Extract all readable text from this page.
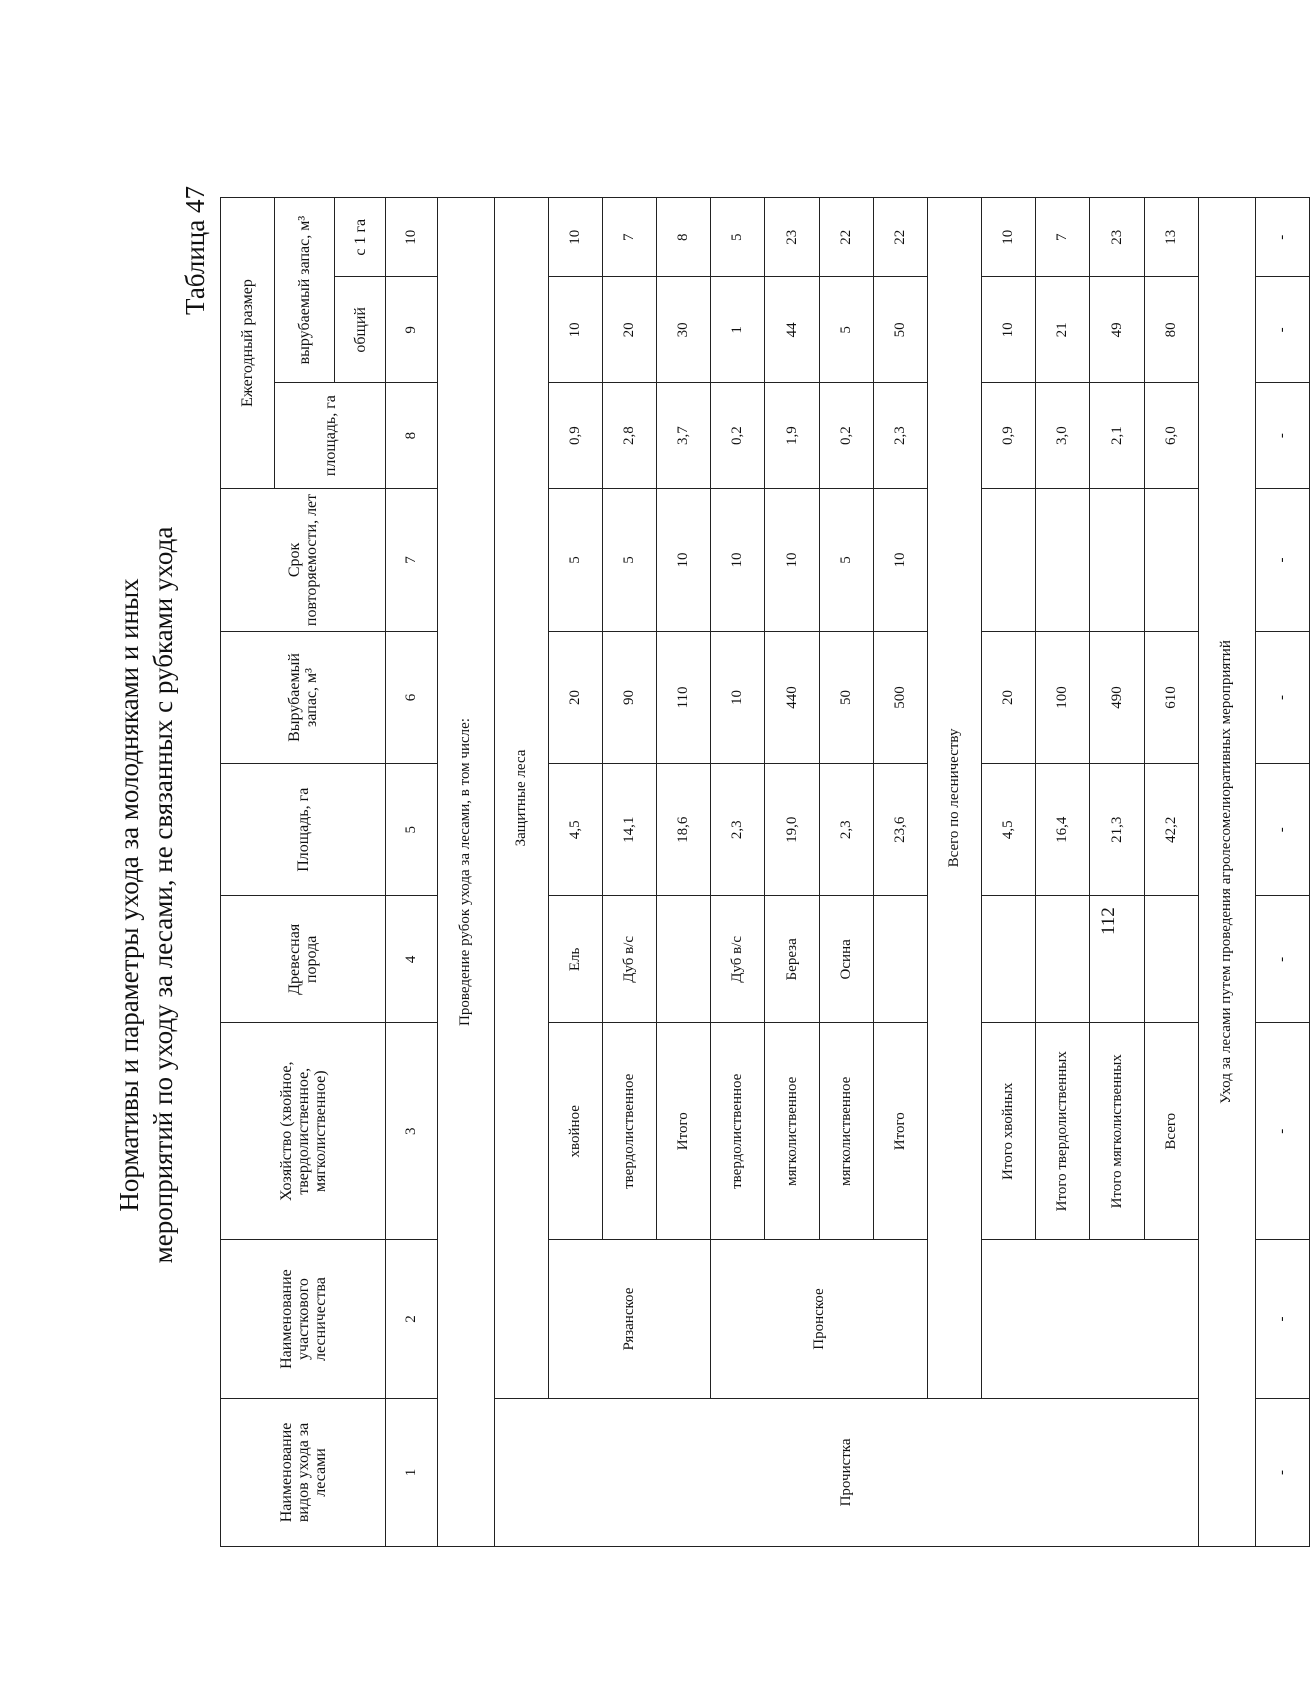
Нормативы и параметры ухода за молодняками и иных мероприятий по уходу за лесами, не связанных с рубками ухода
Таблица 47
Наименование видов ухода за лесами	Наименование участкового лесничества	Хозяйство (хвойное, твердолиственное, мягколиственное)	Древесная порода	Площадь, га	Вырубаемый запас, м³	Срок повторяемости, лет	Ежегодный размер		
							площадь, га	вырубаемый запас, м³	
								общий	с 1 га
1	2	3	4	5	6	7	8	9	10
Проведение рубок ухода за лесами, в том числе:									
Прочистка	Защитные леса								
	Рязанское	хвойное	Ель	4,5	20	5	0,9	10	10
		твердолиственное	Дуб в/с	14,1	90	5	2,8	20	7
		Итого		18,6	110	10	3,7	30	8
	Пронское	твердолиственное	Дуб в/с	2,3	10	10	0,2	1	5
		мягколиственное	Береза	19,0	440	10	1,9	44	23
		мягколиственное	Осина	2,3	50	5	0,2	5	22
		Итого		23,6	500	10	2,3	50	22
	Всего по лесничеству								
		Итого хвойных		4,5	20		0,9	10	10
		Итого твердолиственных		16,4	100		3,0	21	7
		Итого мягколиственных		21,3	490		2,1	49	23
		Всего		42,2	610		6,0	80	13
Уход за лесами путем проведения агролесомелиоративных мероприятий									
-	-	-	-	-	-	-	-	-	-
112
